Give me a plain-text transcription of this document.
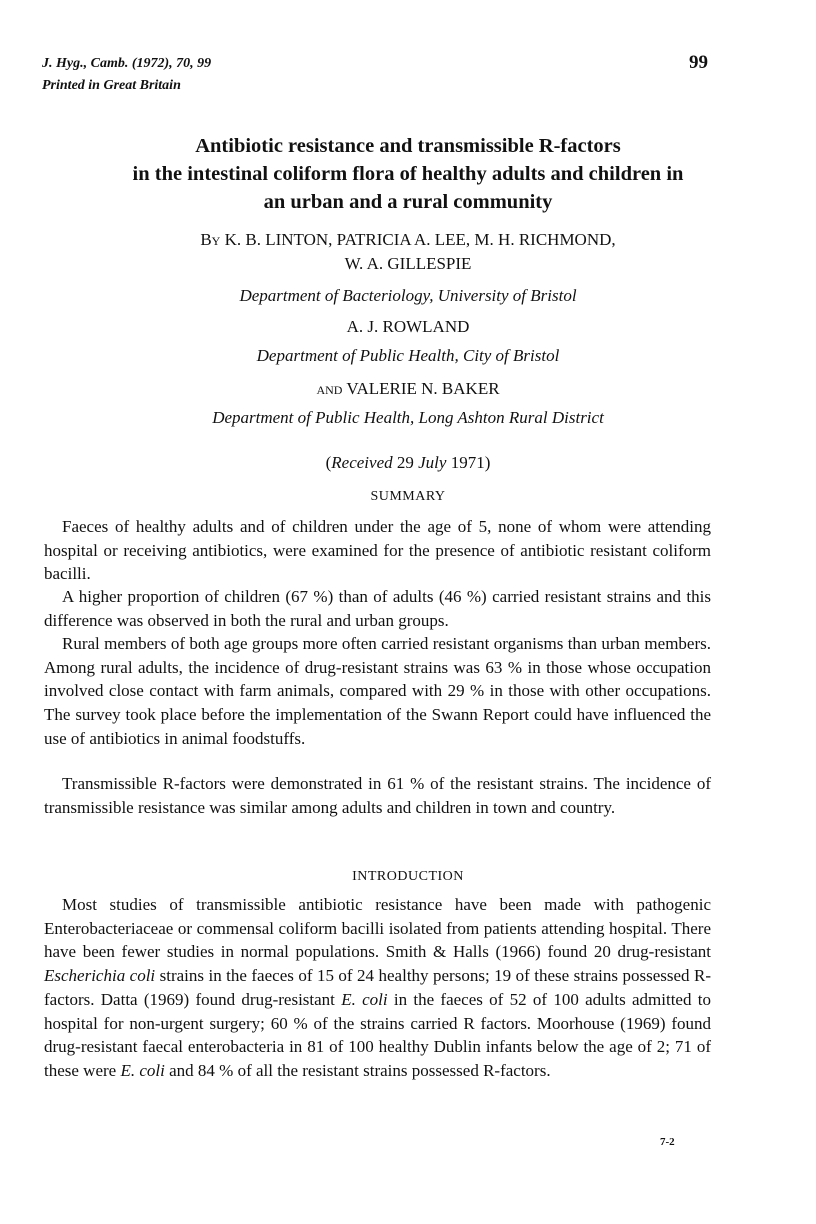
J. Hyg., Camb. (1972), 70, 99
Printed in Great Britain
99
Antibiotic resistance and transmissible R-factors
in the intestinal coliform flora of healthy adults and children in
an urban and a rural community
By K. B. LINTON, PATRICIA A. LEE, M. H. RICHMOND,
W. A. GILLESPIE
Department of Bacteriology, University of Bristol
A. J. ROWLAND
Department of Public Health, City of Bristol
and VALERIE N. BAKER
Department of Public Health, Long Ashton Rural District
(Received 29 July 1971)
SUMMARY
Faeces of healthy adults and of children under the age of 5, none of whom were attending hospital or receiving antibiotics, were examined for the presence of antibiotic resistant coliform bacilli.
A higher proportion of children (67 %) than of adults (46 %) carried resistant strains and this difference was observed in both the rural and urban groups.
Rural members of both age groups more often carried resistant organisms than urban members. Among rural adults, the incidence of drug-resistant strains was 63 % in those whose occupation involved close contact with farm animals, compared with 29 % in those with other occupations. The survey took place before the implementation of the Swann Report could have influenced the use of antibiotics in animal foodstuffs.
Transmissible R-factors were demonstrated in 61 % of the resistant strains. The incidence of transmissible resistance was similar among adults and children in town and country.
INTRODUCTION
Most studies of transmissible antibiotic resistance have been made with pathogenic Enterobacteriaceae or commensal coliform bacilli isolated from patients attending hospital. There have been fewer studies in normal populations. Smith & Halls (1966) found 20 drug-resistant Escherichia coli strains in the faeces of 15 of 24 healthy persons; 19 of these strains possessed R-factors. Datta (1969) found drug-resistant E. coli in the faeces of 52 of 100 adults admitted to hospital for non-urgent surgery; 60 % of the strains carried R factors. Moorhouse (1969) found drug-resistant faecal enterobacteria in 81 of 100 healthy Dublin infants below the age of 2; 71 of these were E. coli and 84 % of all the resistant strains possessed R-factors.
7-2
